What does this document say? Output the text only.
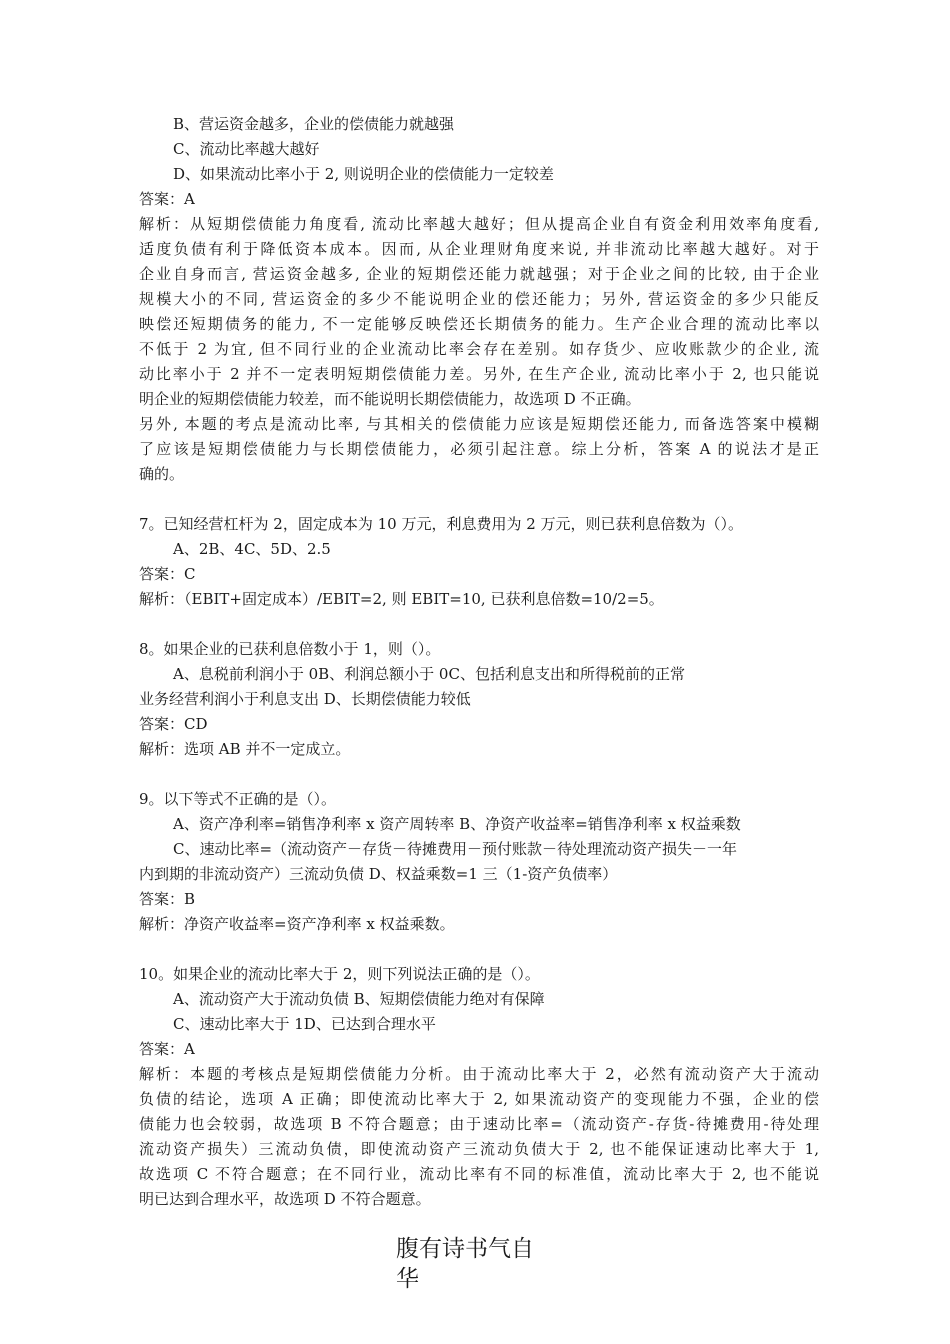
B、营运资金越多，企业的偿债能力就越强
C、流动比率越大越好
D、如果流动比率小于 2, 则说明企业的偿债能力一定较差
答案：A
解析：从短期偿债能力角度看, 流动比率越大越好；但从提高企业自有资金利用效率角度看,
适度负债有利于降低资本成本。因而, 从企业理财角度来说, 并非流动比率越大越好。对于
企业自身而言, 营运资金越多, 企业的短期偿还能力就越强；对于企业之间的比较, 由于企业
规模大小的不同, 营运资金的多少不能说明企业的偿还能力；另外, 营运资金的多少只能反
映偿还短期债务的能力, 不一定能够反映偿还长期债务的能力。生产企业合理的流动比率以
不低于 2 为宜, 但不同行业的企业流动比率会存在差别。如存货少、应收账款少的企业, 流
动比率小于 2 并不一定表明短期偿债能力差。另外, 在生产企业, 流动比率小于 2, 也只能说
明企业的短期偿债能力较差，而不能说明长期偿债能力，故选项 D 不正确。
另外, 本题的考点是流动比率, 与其相关的偿债能力应该是短期偿还能力, 而备选答案中模糊
了应该是短期偿债能力与长期偿债能力，必须引起注意。综上分析，答案 A 的说法才是正
确的。
7。已知经营杠杆为 2，固定成本为 10 万元，利息费用为 2 万元，则已获利息倍数为（）。
A、2B、4C、5D、2.5
答案：C
解析：（EBIT+固定成本）/EBIT=2, 则 EBIT=10, 已获利息倍数=10/2=5。
8。如果企业的已获利息倍数小于 1，则（）。
A、息税前利润小于 0B、利润总额小于 0C、包括利息支出和所得税前的正常
业务经营利润小于利息支出 D、长期偿债能力较低
答案：CD
解析：选项 AB 并不一定成立。
9。以下等式不正确的是（）。
A、资产净利率=销售净利率 x 资产周转率 B、净资产收益率=销售净利率 x 权益乘数
C、速动比率=（流动资产－存货－待摊费用－预付账款－待处理流动资产损失－一年
内到期的非流动资产）三流动负债 D、权益乘数=1 三（1-资产负债率）
答案：B
解析：净资产收益率=资产净利率 x 权益乘数。
10。如果企业的流动比率大于 2，则下列说法正确的是（）。
A、流动资产大于流动负债 B、短期偿债能力绝对有保障
C、速动比率大于 1D、已达到合理水平
答案：A
解析：本题的考核点是短期偿债能力分析。由于流动比率大于 2，必然有流动资产大于流动
负债的结论，选项 A 正确；即使流动比率大于 2, 如果流动资产的变现能力不强，企业的偿
债能力也会较弱，故选项 B 不符合题意；由于速动比率=（流动资产-存货-待摊费用-待处理
流动资产损失）三流动负债，即使流动资产三流动负债大于 2, 也不能保证速动比率大于 1,
故选项 C 不符合题意；在不同行业，流动比率有不同的标准值，流动比率大于 2, 也不能说
明已达到合理水平，故选项 D 不符合题意。
腹有诗书气自
华
